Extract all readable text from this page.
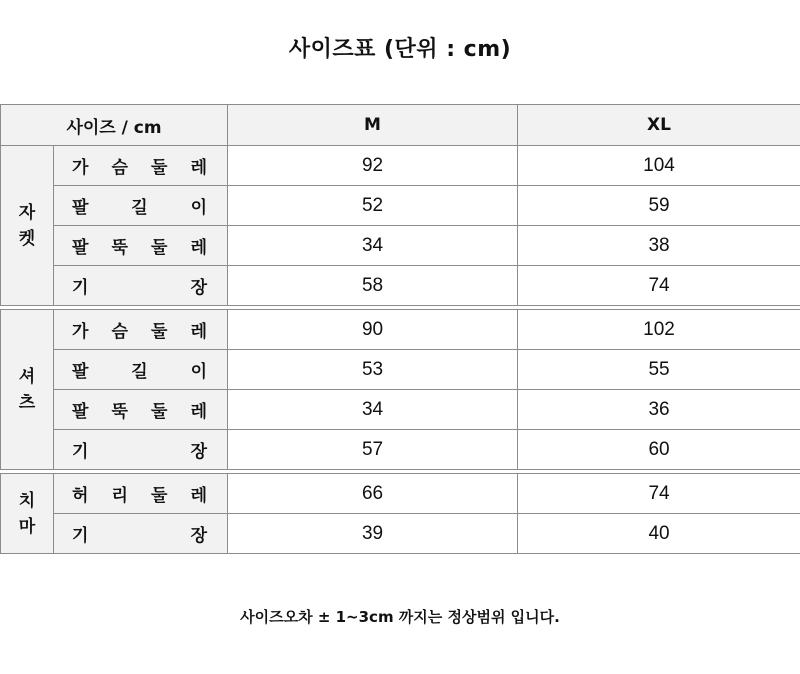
사이즈표 (단위 : cm)
사이즈 / cm		M	XL

자
켓	가 슴 둘 레	92	104
	팔 길 이	52	59
	팔 뚝 둘 레	34	38
	기 장	58	74

셔
츠	가 슴 둘 레	90	102
	팔 길 이	53	55
	팔 뚝 둘 레	34	36
	기 장	57	60

치
마	허 리 둘 레	66	74
	기 장	39	40
사이즈오차 ± 1~3cm 까지는 정상범위 입니다.
